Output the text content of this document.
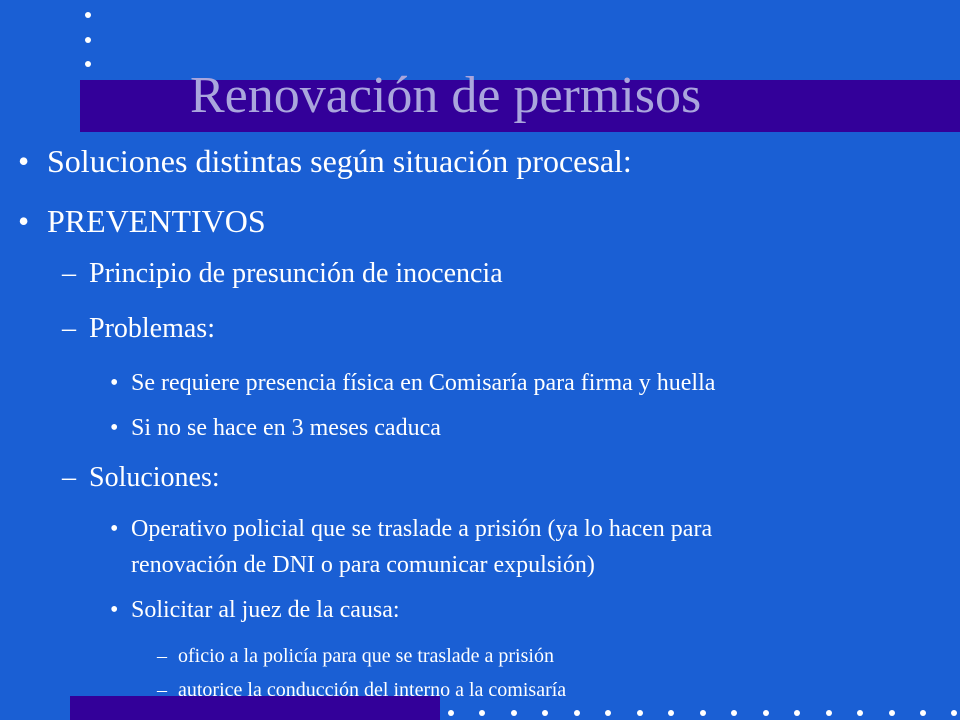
Renovación de permisos
• Soluciones distintas según situación procesal:
• PREVENTIVOS
– Principio de presunción de inocencia
– Problemas:
• Se requiere presencia física en Comisaría para firma y huella
• Si no se hace en 3 meses caduca
– Soluciones:
• Operativo policial que se traslade a prisión (ya lo hacen para
renovación de DNI o para comunicar expulsión)
• Solicitar al juez de la causa:
– oficio a la policía para que se traslade a prisión
– autorice la conducción del interno a la comisaría
